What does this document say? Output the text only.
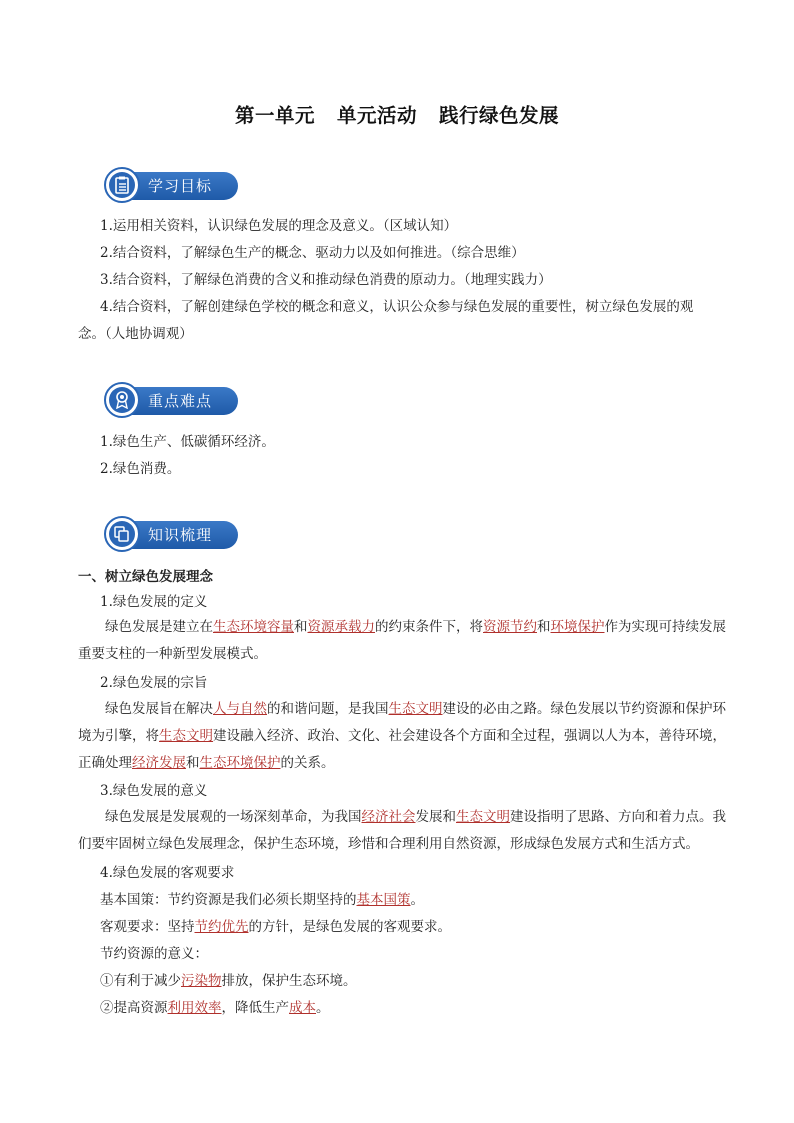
第一单元 单元活动 践行绿色发展
学习目标
1.运用相关资料，认识绿色发展的理念及意义。（区域认知）
2.结合资料，了解绿色生产的概念、驱动力以及如何推进。（综合思维）
3.结合资料，了解绿色消费的含义和推动绿色消费的原动力。（地理实践力）
4.结合资料，了解创建绿色学校的概念和意义，认识公众参与绿色发展的重要性，树立绿色发展的观
念。（人地协调观）
重点难点
1.绿色生产、低碳循环经济。
2.绿色消费。
知识梳理
一、树立绿色发展理念
1.绿色发展的定义
绿色发展是建立在生态环境容量和资源承载力的约束条件下，将资源节约和环境保护作为实现可持续发展重要支柱的一种新型发展模式。
2.绿色发展的宗旨
绿色发展旨在解决人与自然的和谐问题，是我国生态文明建设的必由之路。绿色发展以节约资源和保护环境为引擎，将生态文明建设融入经济、政治、文化、社会建设各个方面和全过程，强调以人为本，善待环境，正确处理经济发展和生态环境保护的关系。
3.绿色发展的意义
绿色发展是发展观的一场深刻革命，为我国经济社会发展和生态文明建设指明了思路、方向和着力点。我们要牢固树立绿色发展理念，保护生态环境，珍惜和合理利用自然资源，形成绿色发展方式和生活方式。
4.绿色发展的客观要求
基本国策：节约资源是我们必须长期坚持的基本国策。
客观要求：坚持节约优先的方针，是绿色发展的客观要求。
节约资源的意义：
①有利于减少污染物排放，保护生态环境。
②提高资源利用效率，降低生产成本。
